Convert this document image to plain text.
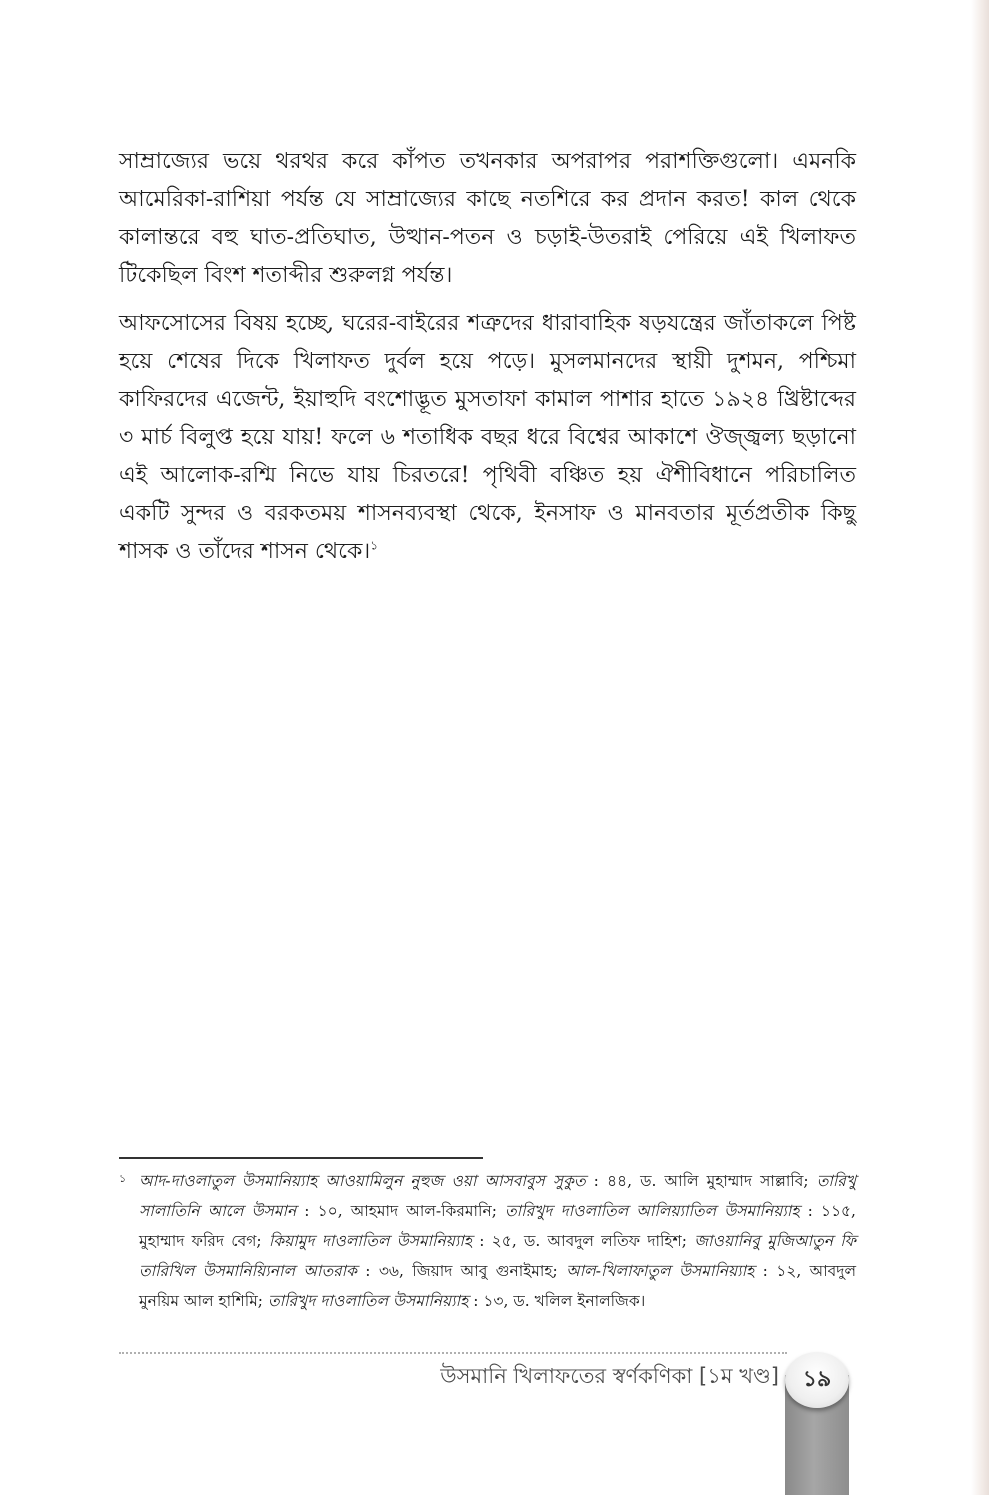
সাম্রাজ্যের ভয়ে থরথর করে কাঁপত তখনকার অপরাপর পরাশক্তিগুলো। এমনকি আমেরিকা-রাশিয়া পর্যন্ত যে সাম্রাজ্যের কাছে নতশিরে কর প্রদান করত! কাল থেকে কালান্তরে বহু ঘাত-প্রতিঘাত, উত্থান-পতন ও চড়াই-উতরাই পেরিয়ে এই খিলাফত টিকেছিল বিংশ শতাব্দীর শুরুলগ্ন পর্যন্ত।

আফসোসের বিষয় হচ্ছে, ঘরের-বাইরের শত্রুদের ধারাবাহিক ষড়যন্ত্রের জাঁতাকলে পিষ্ট হয়ে শেষের দিকে খিলাফত দুর্বল হয়ে পড়ে। মুসলমানদের স্থায়ী দুশমন, পশ্চিমা কাফিরদের এজেন্ট, ইয়াহুদি বংশোদ্ভূত মুসতাফা কামাল পাশার হাতে ১৯২৪ খ্রিষ্টাব্দের ৩ মার্চ বিলুপ্ত হয়ে যায়! ফলে ৬ শতাধিক বছর ধরে বিশ্বের আকাশে ঔজ্জ্বল্য ছড়ানো এই আলোক-রশ্মি নিভে যায় চিরতরে! পৃথিবী বঞ্চিত হয় ঐশীবিধানে পরিচালিত একটি সুন্দর ও বরকতময় শাসনব্যবস্থা থেকে, ইনসাফ ও মানবতার মূর্তপ্রতীক কিছু শাসক ও তাঁদের শাসন থেকে।$^১$

১ আদ-দাওলাতুল উসমানিয়্যাহ আওয়ামিলুন নুহুজ ওয়া আসবাবুস সুকুত : ৪৪, ড. আলি মুহাম্মাদ সাল্লাবি; তারিখু সালাতিনি আলে উসমান : ১০, আহমাদ আল-কিরমানি; তারিখুদ দাওলাতিল আলিয়্যাতিল উসমানিয়্যাহ : ১১৫, মুহাম্মাদ ফরিদ বেগ; কিয়ামুদ দাওলাতিল উসমানিয়্যাহ : ২৫, ড. আবদুল লতিফ দাহিশ; জাওয়ানিবু মুজিআতুন ফি তারিখিল উসমানিয়্যিনাল আতরাক : ৩৬, জিয়াদ আবু গুনাইমাহ; আল-খিলাফাতুল উসমানিয়্যাহ : ১২, আবদুল মুনয়িম আল হাশিমি; তারিখুদ দাওলাতিল উসমানিয়্যাহ : ১৩, ড. খলিল ইনালজিক।
উসমানি খিলাফতের স্বর্ণকণিকা [১ম খণ্ড]	১৯
